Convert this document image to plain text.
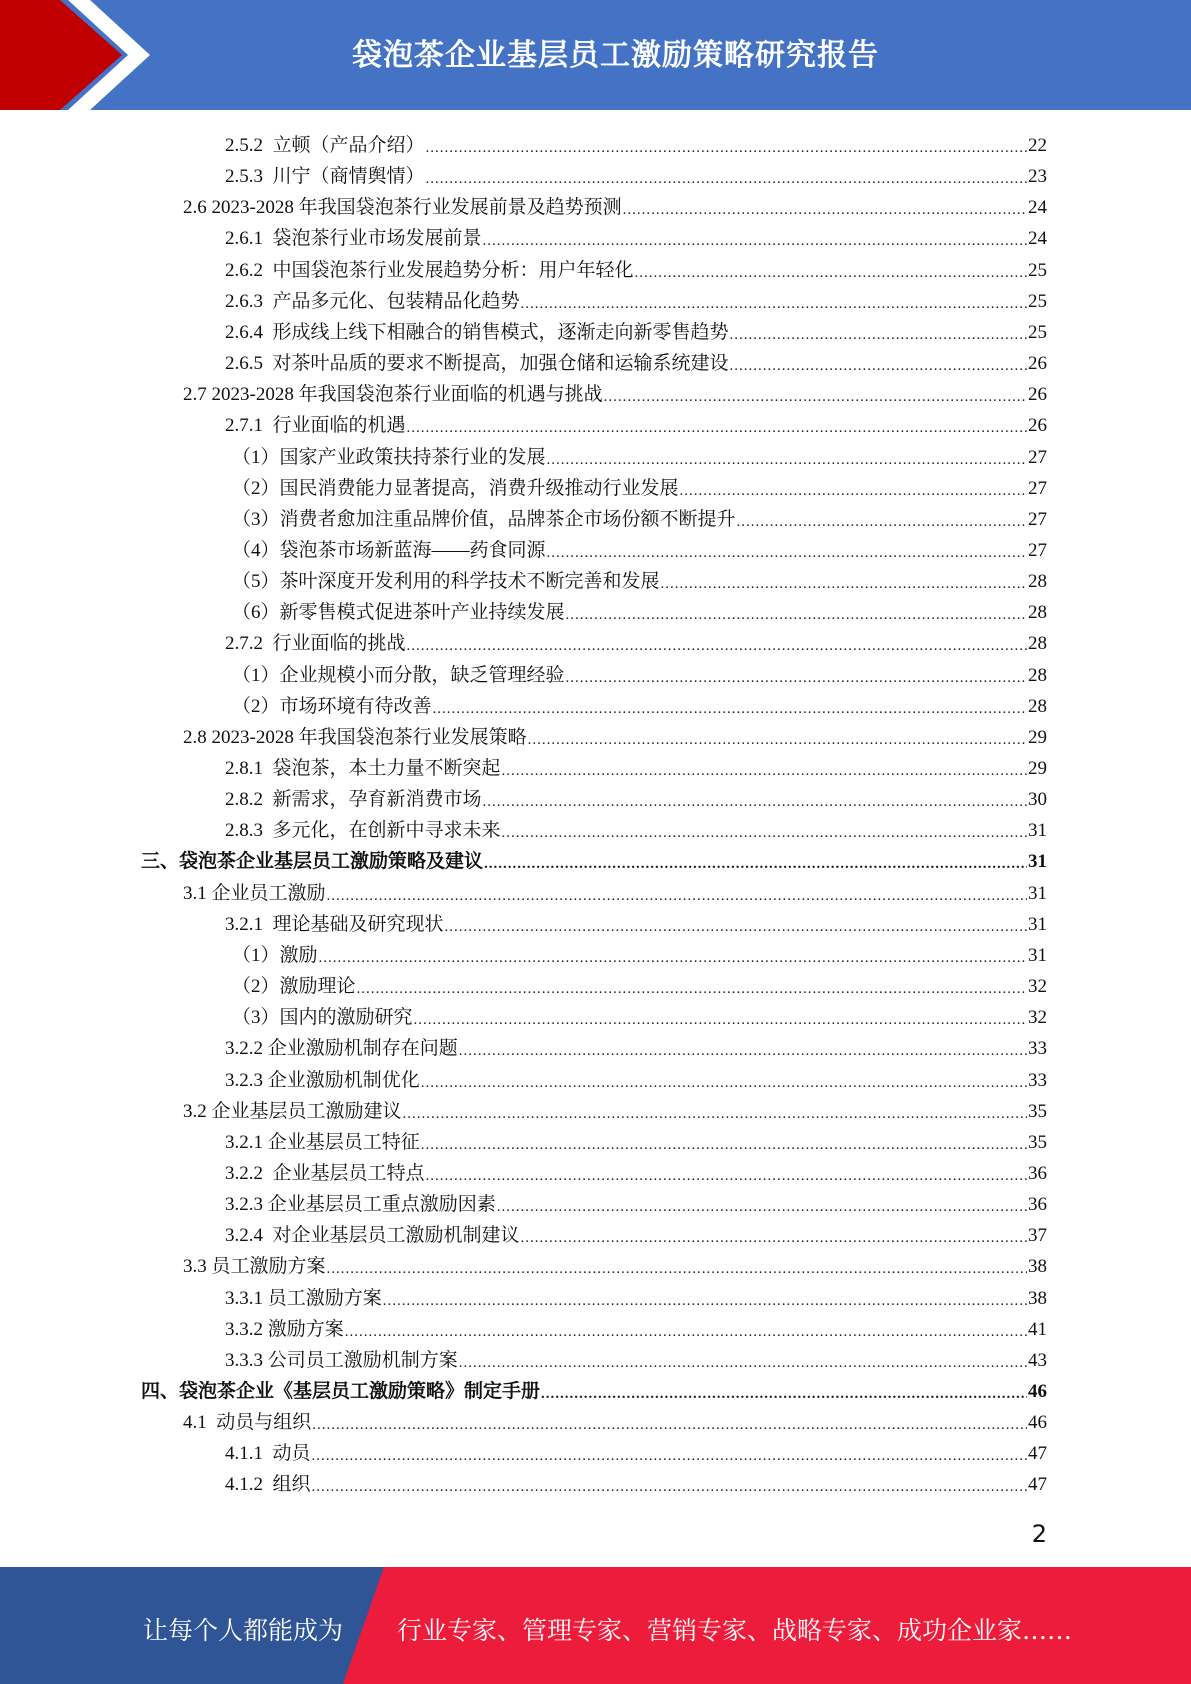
袋泡茶企业基层员工激励策略研究报告
2.5.2  立顿（产品介绍） .....	22
2.5.3  川宁（商情舆情） .....	23
2.6 2023-2028 年我国袋泡茶行业发展前景及趋势预测 .....	24
2.6.1  袋泡茶行业市场发展前景 .....	24
2.6.2  中国袋泡茶行业发展趋势分析：用户年轻化 .....	25
2.6.3  产品多元化、包装精品化趋势 .....	25
2.6.4  形成线上线下相融合的销售模式，逐渐走向新零售趋势 .....	25
2.6.5  对茶叶品质的要求不断提高，加强仓储和运输系统建设 .....	26
2.7 2023-2028 年我国袋泡茶行业面临的机遇与挑战 .....	26
2.7.1  行业面临的机遇 .....	26
（1）国家产业政策扶持茶行业的发展 .....	27
（2）国民消费能力显著提高，消费升级推动行业发展 .....	27
（3）消费者愈加注重品牌价值，品牌茶企市场份额不断提升 .....	27
（4）袋泡茶市场新蓝海——药食同源 .....	27
（5）茶叶深度开发利用的科学技术不断完善和发展 .....	28
（6）新零售模式促进茶叶产业持续发展 .....	28
2.7.2  行业面临的挑战 .....	28
（1）企业规模小而分散，缺乏管理经验 .....	28
（2）市场环境有待改善 .....	28
2.8 2023-2028 年我国袋泡茶行业发展策略 .....	29
2.8.1  袋泡茶，本土力量不断突起 .....	29
2.8.2  新需求，孕育新消费市场 .....	30
2.8.3  多元化，在创新中寻求未来 .....	31
三、袋泡茶企业基层员工激励策略及建议 .....	31
3.1 企业员工激励 .....	31
3.2.1  理论基础及研究现状 .....	31
（1）激励 .....	31
（2）激励理论 .....	32
（3）国内的激励研究 .....	32
3.2.2 企业激励机制存在问题 .....	33
3.2.3 企业激励机制优化 .....	33
3.2 企业基层员工激励建议 .....	35
3.2.1 企业基层员工特征 .....	35
3.2.2  企业基层员工特点 .....	36
3.2.3 企业基层员工重点激励因素 .....	36
3.2.4  对企业基层员工激励机制建议 .....	37
3.3 员工激励方案 .....	38
3.3.1 员工激励方案 .....	38
3.3.2 激励方案 .....	41
3.3.3 公司员工激励机制方案 .....	43
四、袋泡茶企业《基层员工激励策略》制定手册 .....	46
4.1  动员与组织 .....	46
4.1.1  动员 .....	47
4.1.2  组织 .....	47
2
让每个人都能成为 行业专家、管理专家、营销专家、战略专家、成功企业家……
